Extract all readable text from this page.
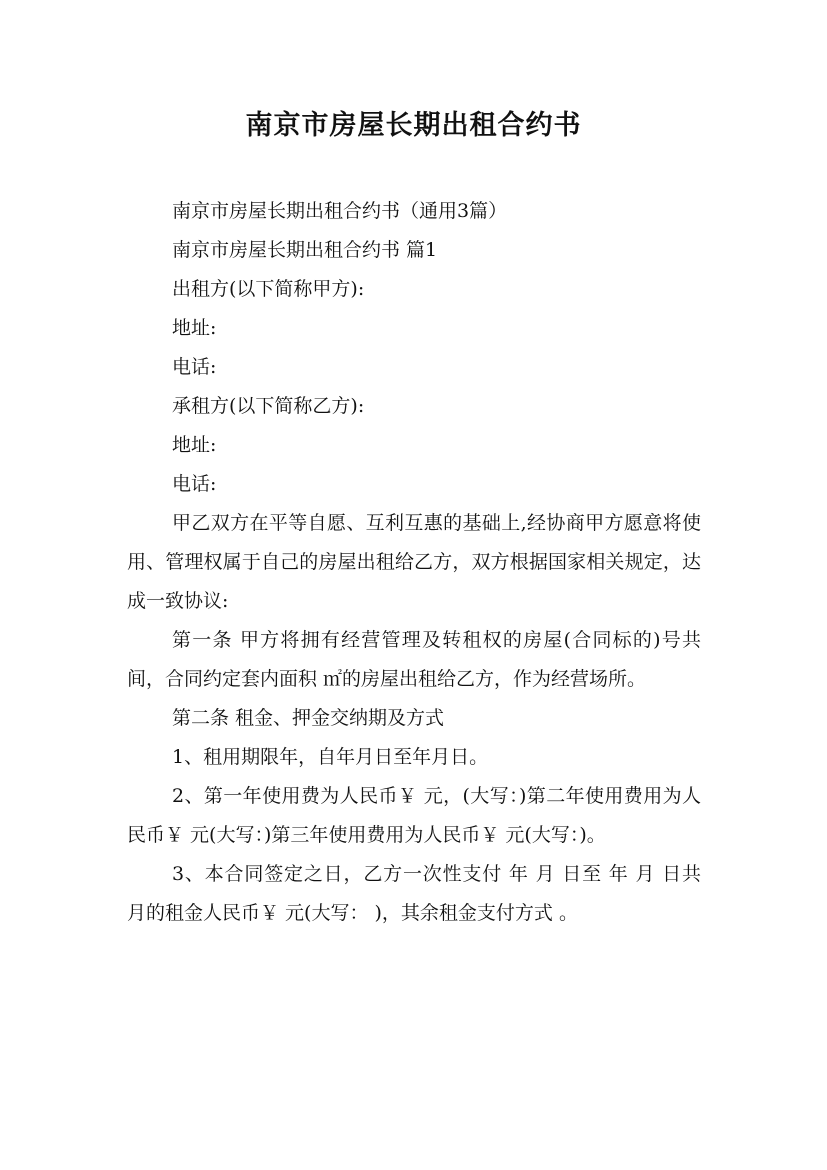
南京市房屋长期出租合约书

南京市房屋长期出租合约书（通用3篇）

南京市房屋长期出租合约书 篇1

出租方(以下简称甲方):

地址:

电话:

承租方(以下简称乙方):

地址:

电话:

甲乙双方在平等自愿、互利互惠的基础上,经协商甲方愿意将使用、管理权属于自己的房屋出租给乙方，双方根据国家相关规定，达成一致协议:

第一条 甲方将拥有经营管理及转租权的房屋(合同标的)号共 间，合同约定套内面积 ㎡的房屋出租给乙方，作为经营场所。

第二条 租金、押金交纳期及方式

1、租用期限年，自年月日至年月日。

2、第一年使用费为人民币￥ 元，(大写：)第二年使用费用为人民币￥ 元(大写：)第三年使用费用为人民币￥ 元(大写：)。

3、本合同签定之日，乙方一次性支付 年 月 日至 年 月 日共 月的租金人民币￥ 元(大写： )，其余租金支付方式 。
